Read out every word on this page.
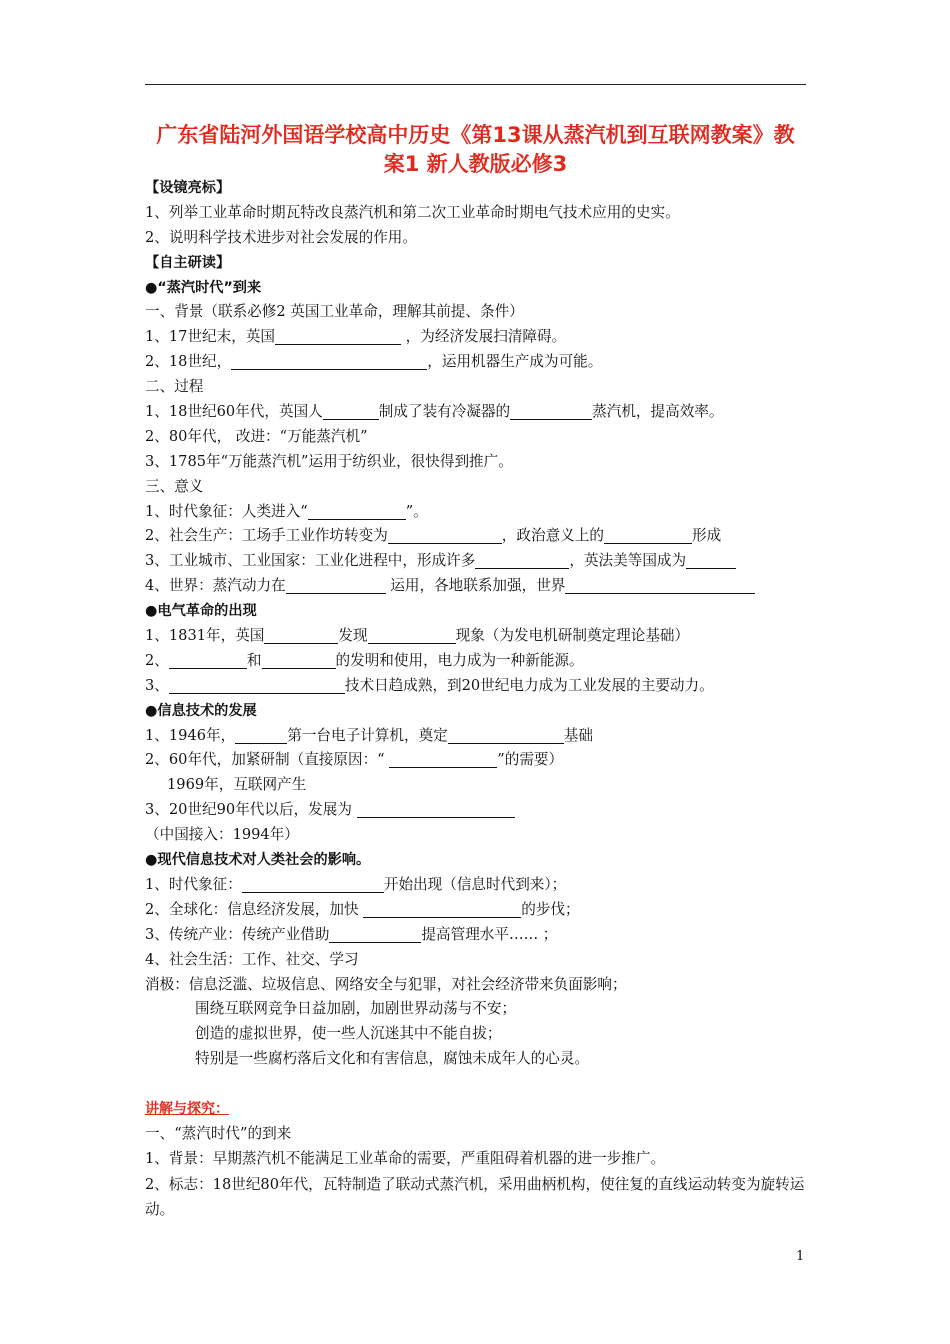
广东省陆河外国语学校高中历史《第13课从蒸汽机到互联网教案》教
案1 新人教版必修3
【设镜亮标】
1、列举工业革命时期瓦特改良蒸汽机和第二次工业革命时期电气技术应用的史实。
2、说明科学技术进步对社会发展的作用。
【自主研读】
●“蒸汽时代”到来
一、背景（联系必修2 英国工业革命，理解其前提、条件）
1、17世纪末，英国	，为经济发展扫清障碍。
2、18世纪，	，运用机器生产成为可能。
二、过程
1、18世纪60年代，英国人	制成了装有冷凝器的	蒸汽机，提高效率。
2、80年代， 改进：“万能蒸汽机”
3、1785年“万能蒸汽机”运用于纺织业，很快得到推广。
三、意义
1、时代象征：人类进入“	”。
2、社会生产：工场手工业作坊转变为	，政治意义上的	形成
3、工业城市、工业国家：工业化进程中，形成许多	，英法美等国成为
4、世界：蒸汽动力在	运用，各地联系加强，世界
●电气革命的出现
1、1831年，英国	发现	现象（为发电机研制奠定理论基础）
2、	和	的发明和使用，电力成为一种新能源。
3、	技术日趋成熟，到20世纪电力成为工业发展的主要动力。
●信息技术的发展
1、1946年，	第一台电子计算机，奠定	基础
2、60年代，加紧研制（直接原因：“	”的需要）
1969年，互联网产生
3、20世纪90年代以后，发展为
（中国接入：1994年）
●现代信息技术对人类社会的影响。
1、时代象征：	开始出现（信息时代到来）；
2、全球化：信息经济发展，加快	的步伐；
3、传统产业：传统产业借助	提高管理水平…… ；
4、社会生活：工作、社交、学习
消极：信息泛滥、垃圾信息、网络安全与犯罪，对社会经济带来负面影响；
围绕互联网竞争日益加剧，加剧世界动荡与不安；
创造的虚拟世界，使一些人沉迷其中不能自拔；
特别是一些腐朽落后文化和有害信息，腐蚀未成年人的心灵。
讲解与探究：
一、“蒸汽时代”的到来
1、背景：早期蒸汽机不能满足工业革命的需要，严重阻碍着机器的进一步推广。
2、标志：18世纪80年代，瓦特制造了联动式蒸汽机，采用曲柄机构，使往复的直线运动转变为旋转运动。
1
